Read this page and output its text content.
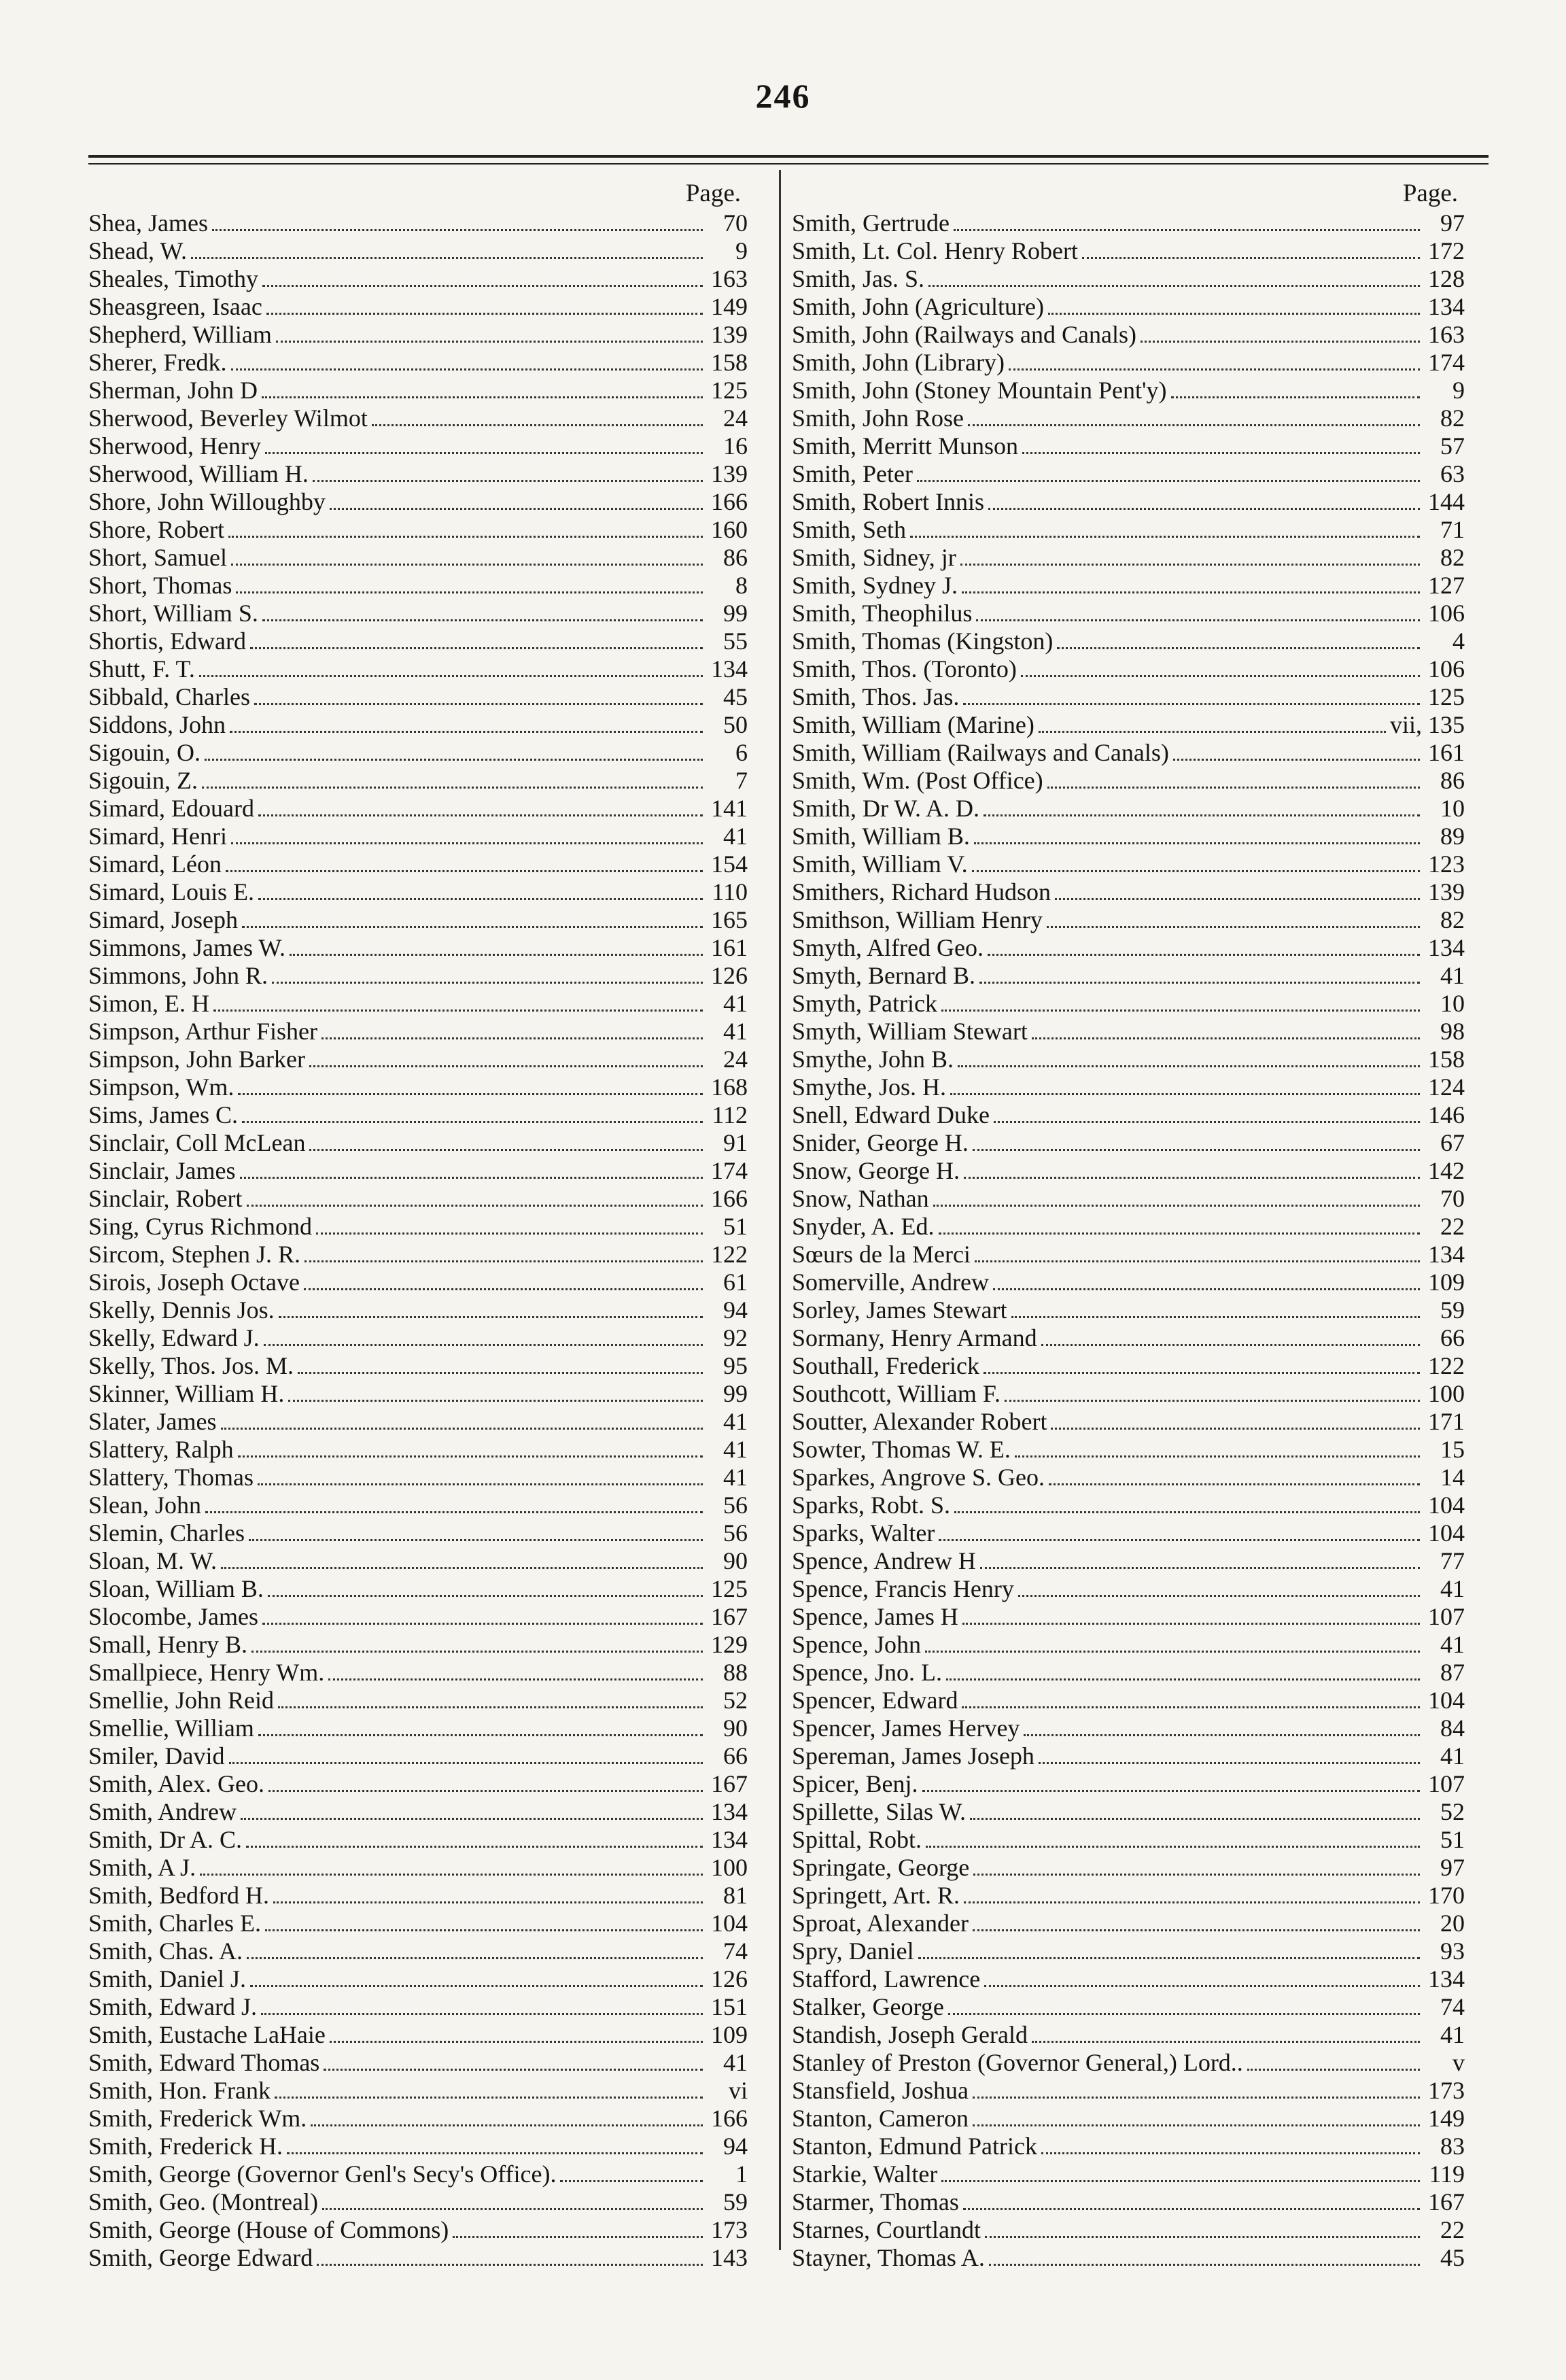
246
Page.
Shea, James	70
Shead, W.	9
Sheales, Timothy	163
Sheasgreen, Isaac	149
Shepherd, William	139
Sherer, Fredk.	158
Sherman, John D	125
Sherwood, Beverley Wilmot	24
Sherwood, Henry	16
Sherwood, William H.	139
Shore, John Willoughby	166
Shore, Robert	160
Short, Samuel	86
Short, Thomas	8
Short, William S.	99
Shortis, Edward	55
Shutt, F. T.	134
Sibbald, Charles	45
Siddons, John	50
Sigouin, O.	6
Sigouin, Z.	7
Simard, Edouard	141
Simard, Henri	41
Simard, Léon	154
Simard, Louis E.	110
Simard, Joseph	165
Simmons, James W.	161
Simmons, John R.	126
Simon, E. H	41
Simpson, Arthur Fisher	41
Simpson, John Barker	24
Simpson, Wm.	168
Sims, James C.	112
Sinclair, Coll McLean	91
Sinclair, James	174
Sinclair, Robert	166
Sing, Cyrus Richmond	51
Sircom, Stephen J. R.	122
Sirois, Joseph Octave	61
Skelly, Dennis Jos.	94
Skelly, Edward J.	92
Skelly, Thos. Jos. M.	95
Skinner, William H.	99
Slater, James	41
Slattery, Ralph	41
Slattery, Thomas	41
Slean, John	56
Slemin, Charles	56
Sloan, M. W.	90
Sloan, William B.	125
Slocombe, James	167
Small, Henry B.	129
Smallpiece, Henry Wm.	88
Smellie, John Reid	52
Smellie, William	90
Smiler, David	66
Smith, Alex. Geo.	167
Smith, Andrew	134
Smith, Dr A. C.	134
Smith, A J.	100
Smith, Bedford H.	81
Smith, Charles E.	104
Smith, Chas. A.	74
Smith, Daniel J.	126
Smith, Edward J.	151
Smith, Eustache LaHaie	109
Smith, Edward Thomas	41
Smith, Hon. Frank	vi
Smith, Frederick Wm.	166
Smith, Frederick H.	94
Smith, George (Governor Genl's Secy's Office).	1
Smith, Geo. (Montreal)	59
Smith, George (House of Commons)	173
Smith, George Edward	143
Page.
Smith, Gertrude	97
Smith, Lt. Col. Henry Robert	172
Smith, Jas. S.	128
Smith, John (Agriculture)	134
Smith, John (Railways and Canals)	163
Smith, John (Library)	174
Smith, John (Stoney Mountain Pent'y)	9
Smith, John Rose	82
Smith, Merritt Munson	57
Smith, Peter	63
Smith, Robert Innis	144
Smith, Seth	71
Smith, Sidney, jr	82
Smith, Sydney J.	127
Smith, Theophilus	106
Smith, Thomas (Kingston)	4
Smith, Thos. (Toronto)	106
Smith, Thos. Jas.	125
Smith, William (Marine)	vii, 135
Smith, William (Railways and Canals)	161
Smith, Wm. (Post Office)	86
Smith, Dr W. A. D.	10
Smith, William B.	89
Smith, William V.	123
Smithers, Richard Hudson	139
Smithson, William Henry	82
Smyth, Alfred Geo.	134
Smyth, Bernard B.	41
Smyth, Patrick	10
Smyth, William Stewart	98
Smythe, John B.	158
Smythe, Jos. H.	124
Snell, Edward Duke	146
Snider, George H.	67
Snow, George H.	142
Snow, Nathan	70
Snyder, A. Ed.	22
Sœurs de la Merci	134
Somerville, Andrew	109
Sorley, James Stewart	59
Sormany, Henry Armand	66
Southall, Frederick	122
Southcott, William F.	100
Soutter, Alexander Robert	171
Sowter, Thomas W. E.	15
Sparkes, Angrove S. Geo.	14
Sparks, Robt. S.	104
Sparks, Walter	104
Spence, Andrew H	77
Spence, Francis Henry	41
Spence, James H	107
Spence, John	41
Spence, Jno. L.	87
Spencer, Edward	104
Spencer, James Hervey	84
Spereman, James Joseph	41
Spicer, Benj.	107
Spillette, Silas W.	52
Spittal, Robt.	51
Springate, George	97
Springett, Art. R.	170
Sproat, Alexander	20
Spry, Daniel	93
Stafford, Lawrence	134
Stalker, George	74
Standish, Joseph Gerald	41
Stanley of Preston (Governor General,) Lord..	v
Stansfield, Joshua	173
Stanton, Cameron	149
Stanton, Edmund Patrick	83
Starkie, Walter	119
Starmer, Thomas	167
Starnes, Courtlandt	22
Stayner, Thomas A.	45
